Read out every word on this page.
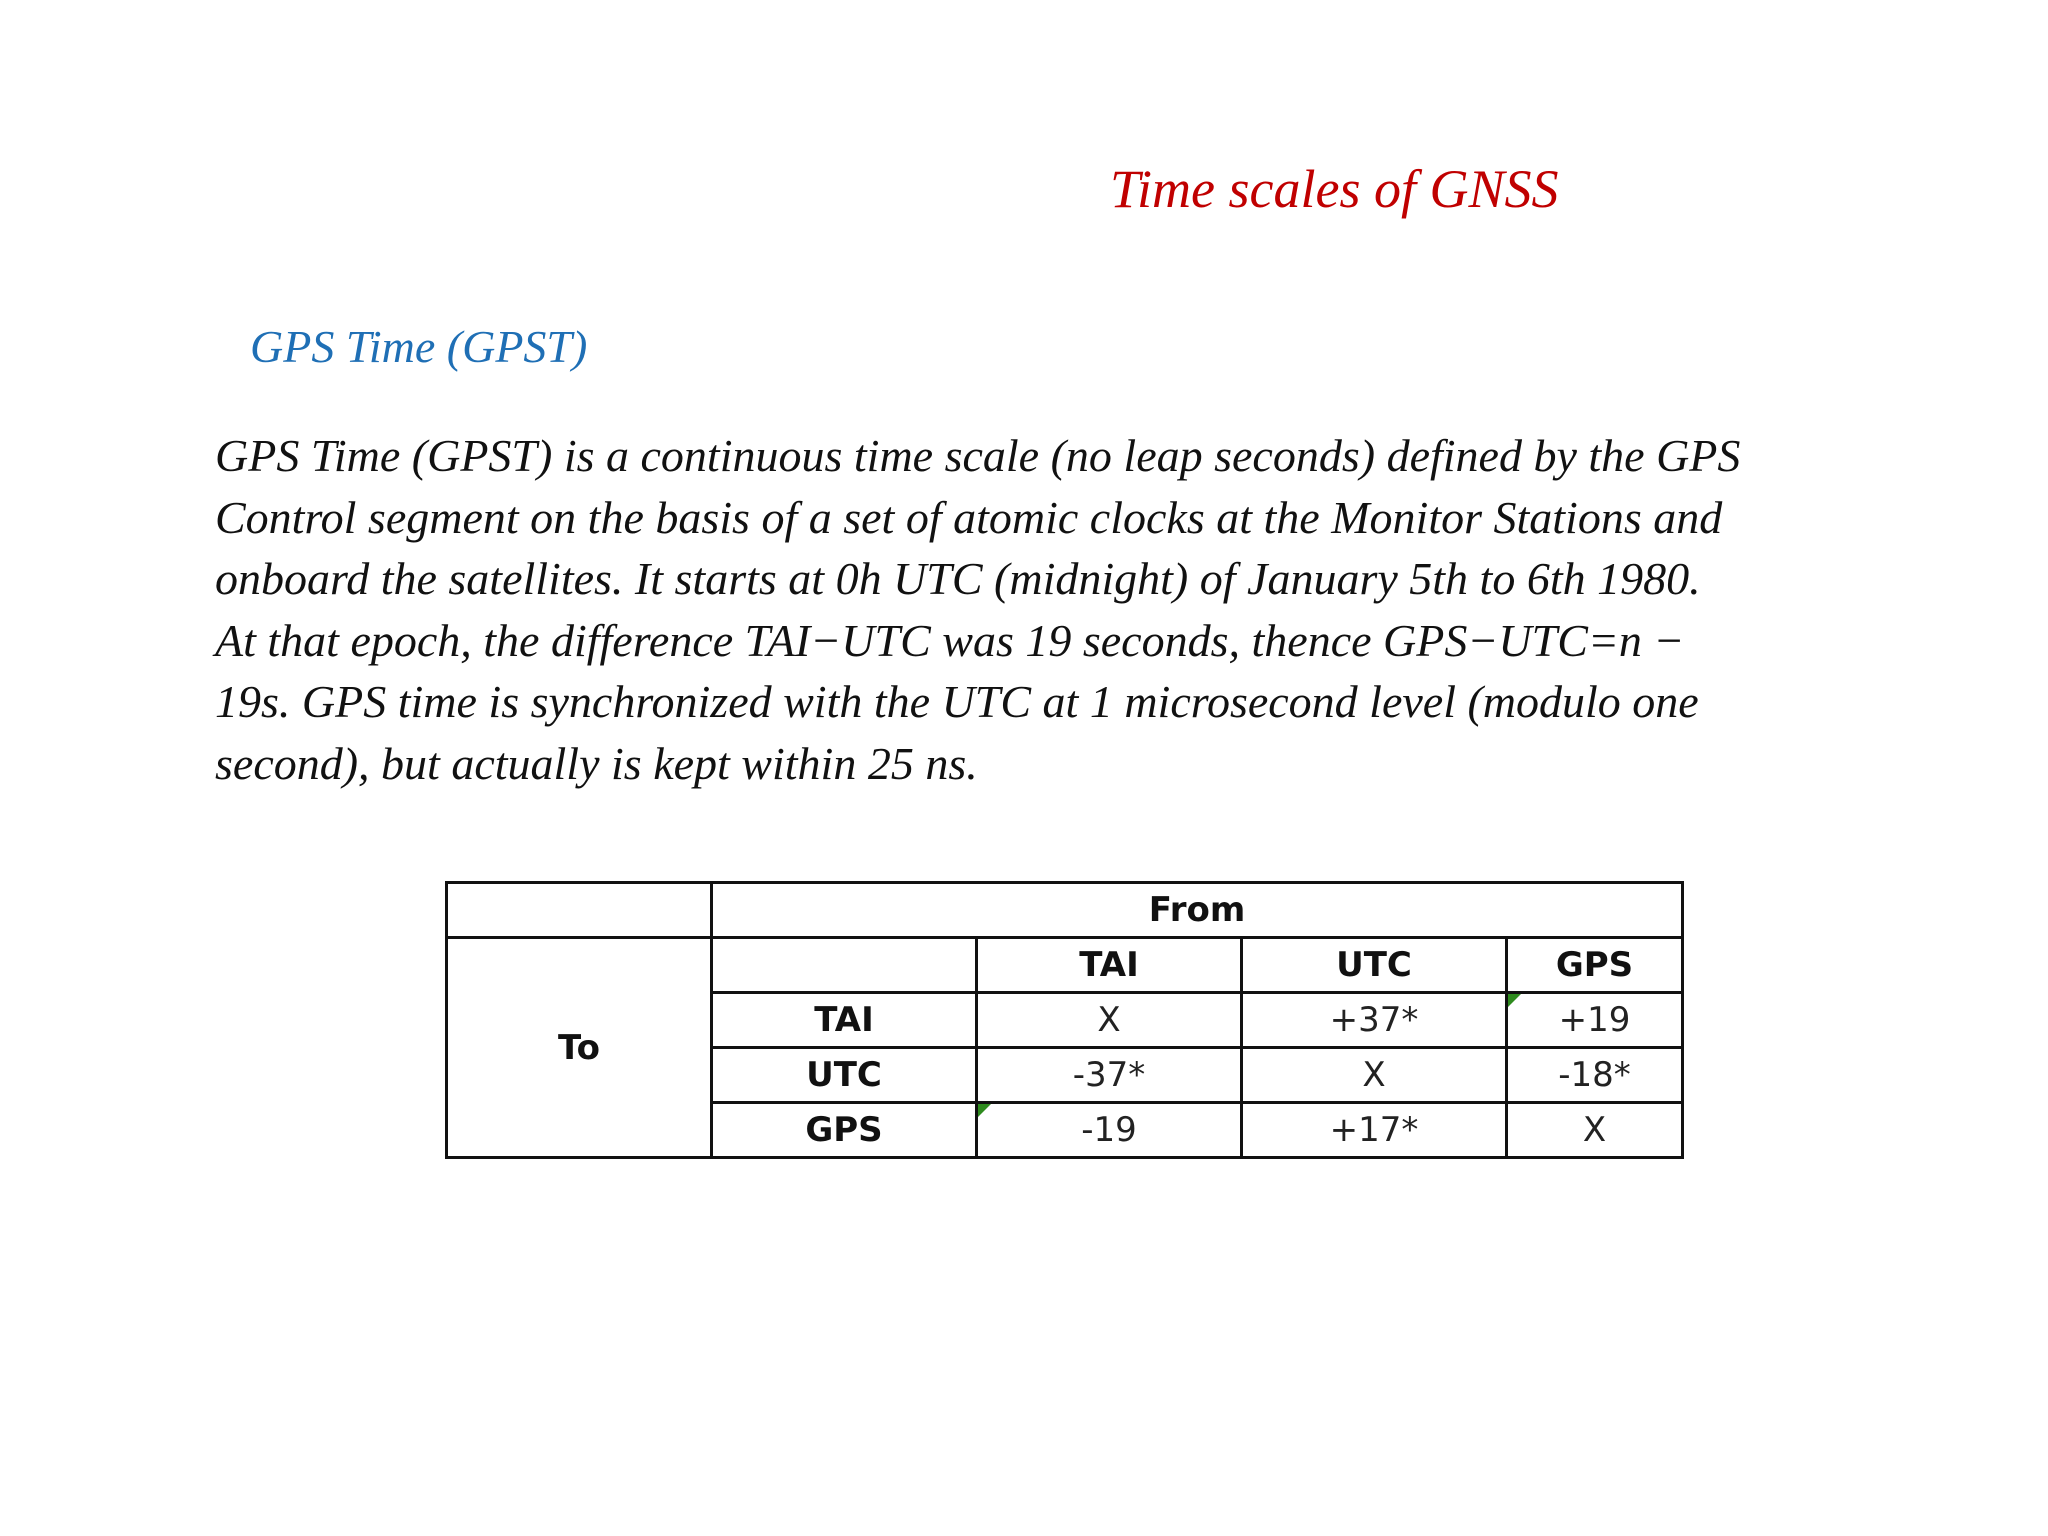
Time scales of GNSS
GPS Time (GPST)
GPS Time (GPST) is a continuous time scale (no leap seconds) defined by the GPS
Control segment on the basis of a set of atomic clocks at the Monitor Stations and
onboard the satellites. It starts at 0h UTC (midnight) of January 5th to 6th 1980.
At that epoch, the difference TAI−UTC was 19 seconds, thence GPS−UTC=n −
19s. GPS time is synchronized with the UTC at 1 microsecond level (modulo one
second), but actually is kept within 25 ns.
	From			
To		TAI	UTC	GPS
	TAI	X	+37*	+19
	UTC	-37*	X	-18*
	GPS	-19	+17*	X
